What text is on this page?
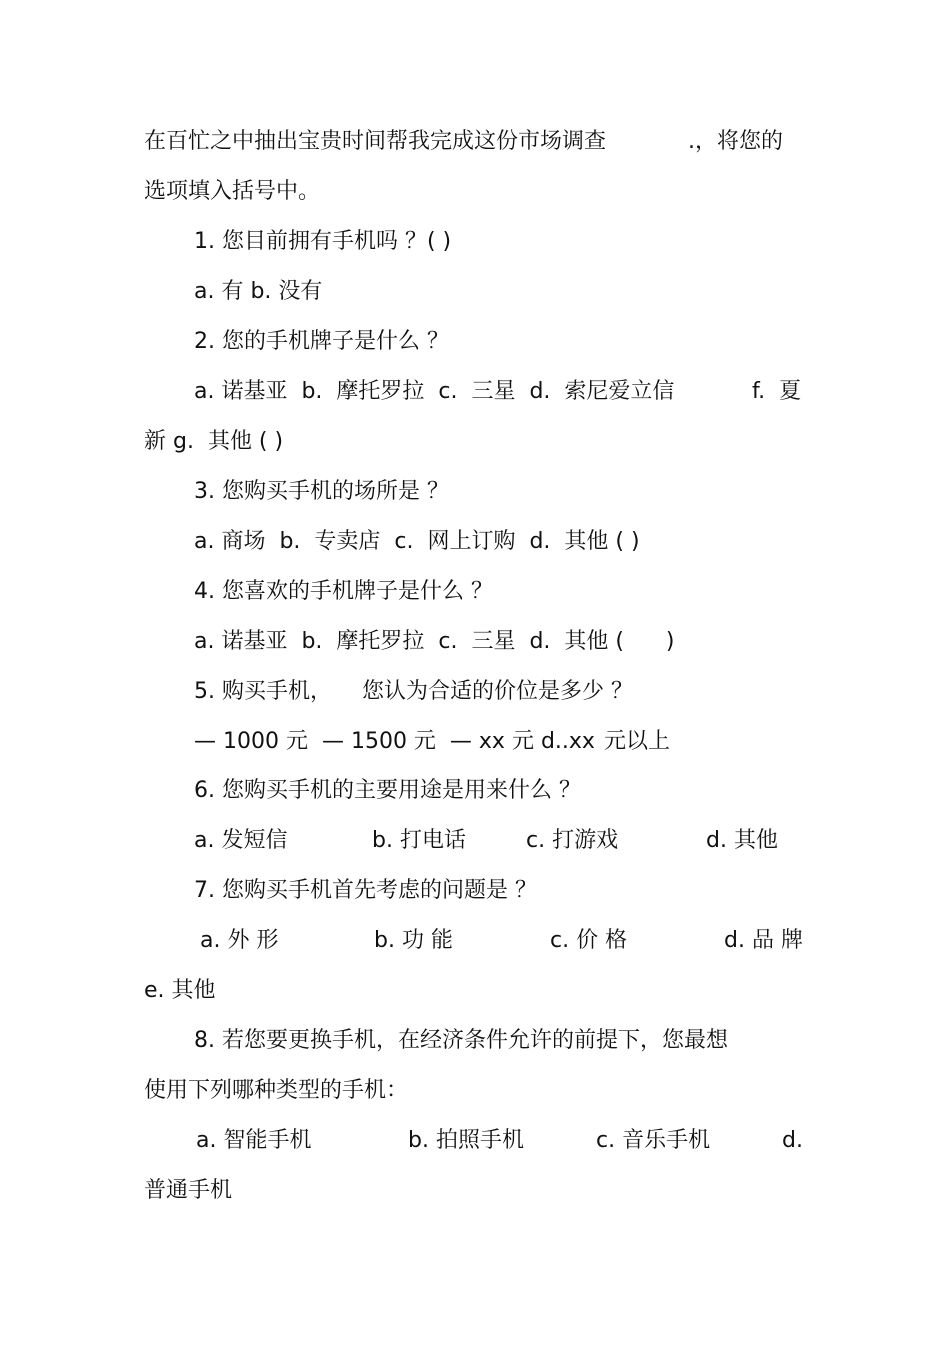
在百忙之中抽出宝贵时间帮我完成这份市场调查

	.，将您的

选项填入括号中。
1. 您目前拥有手机吗 ？( )
a. 有 b. 没有
2. 您的手机牌子是什么 ？

a. 诺基亚  b.  摩托罗拉  c.  三星  d.  索尼爱立信

	f.  夏

新 g.  其他 ( )
3. 您购买手机的场所是 ？
a. 商场  b.  专卖店  c.  网上订购  d.  其他 ( )
4. 您喜欢的手机牌子是什么 ？
a. 诺基亚  b.  摩托罗拉  c.  三星  d.  其他 (      )

5. 购买手机，

您认为合适的价位是多少 ？

— 1000 元  — 1500 元  — xx 元 d..xx

元以上

6. 您购买手机的主要用途是用来什么 ？

a. 发短信

	b. 打电话

	c. 打游戏

	d. 其他

7. 您购买手机首先考虑的问题是 ？

a. 外 形

	b. 功 能

	c. 价 格

	d. 品 牌

e. 其他
8. 若您要更换手机，在经济条件允许的前提下，您最想
使用下列哪种类型的手机：

a. 智能手机

	b. 拍照手机

	c. 音乐手机

	d.

普通手机
